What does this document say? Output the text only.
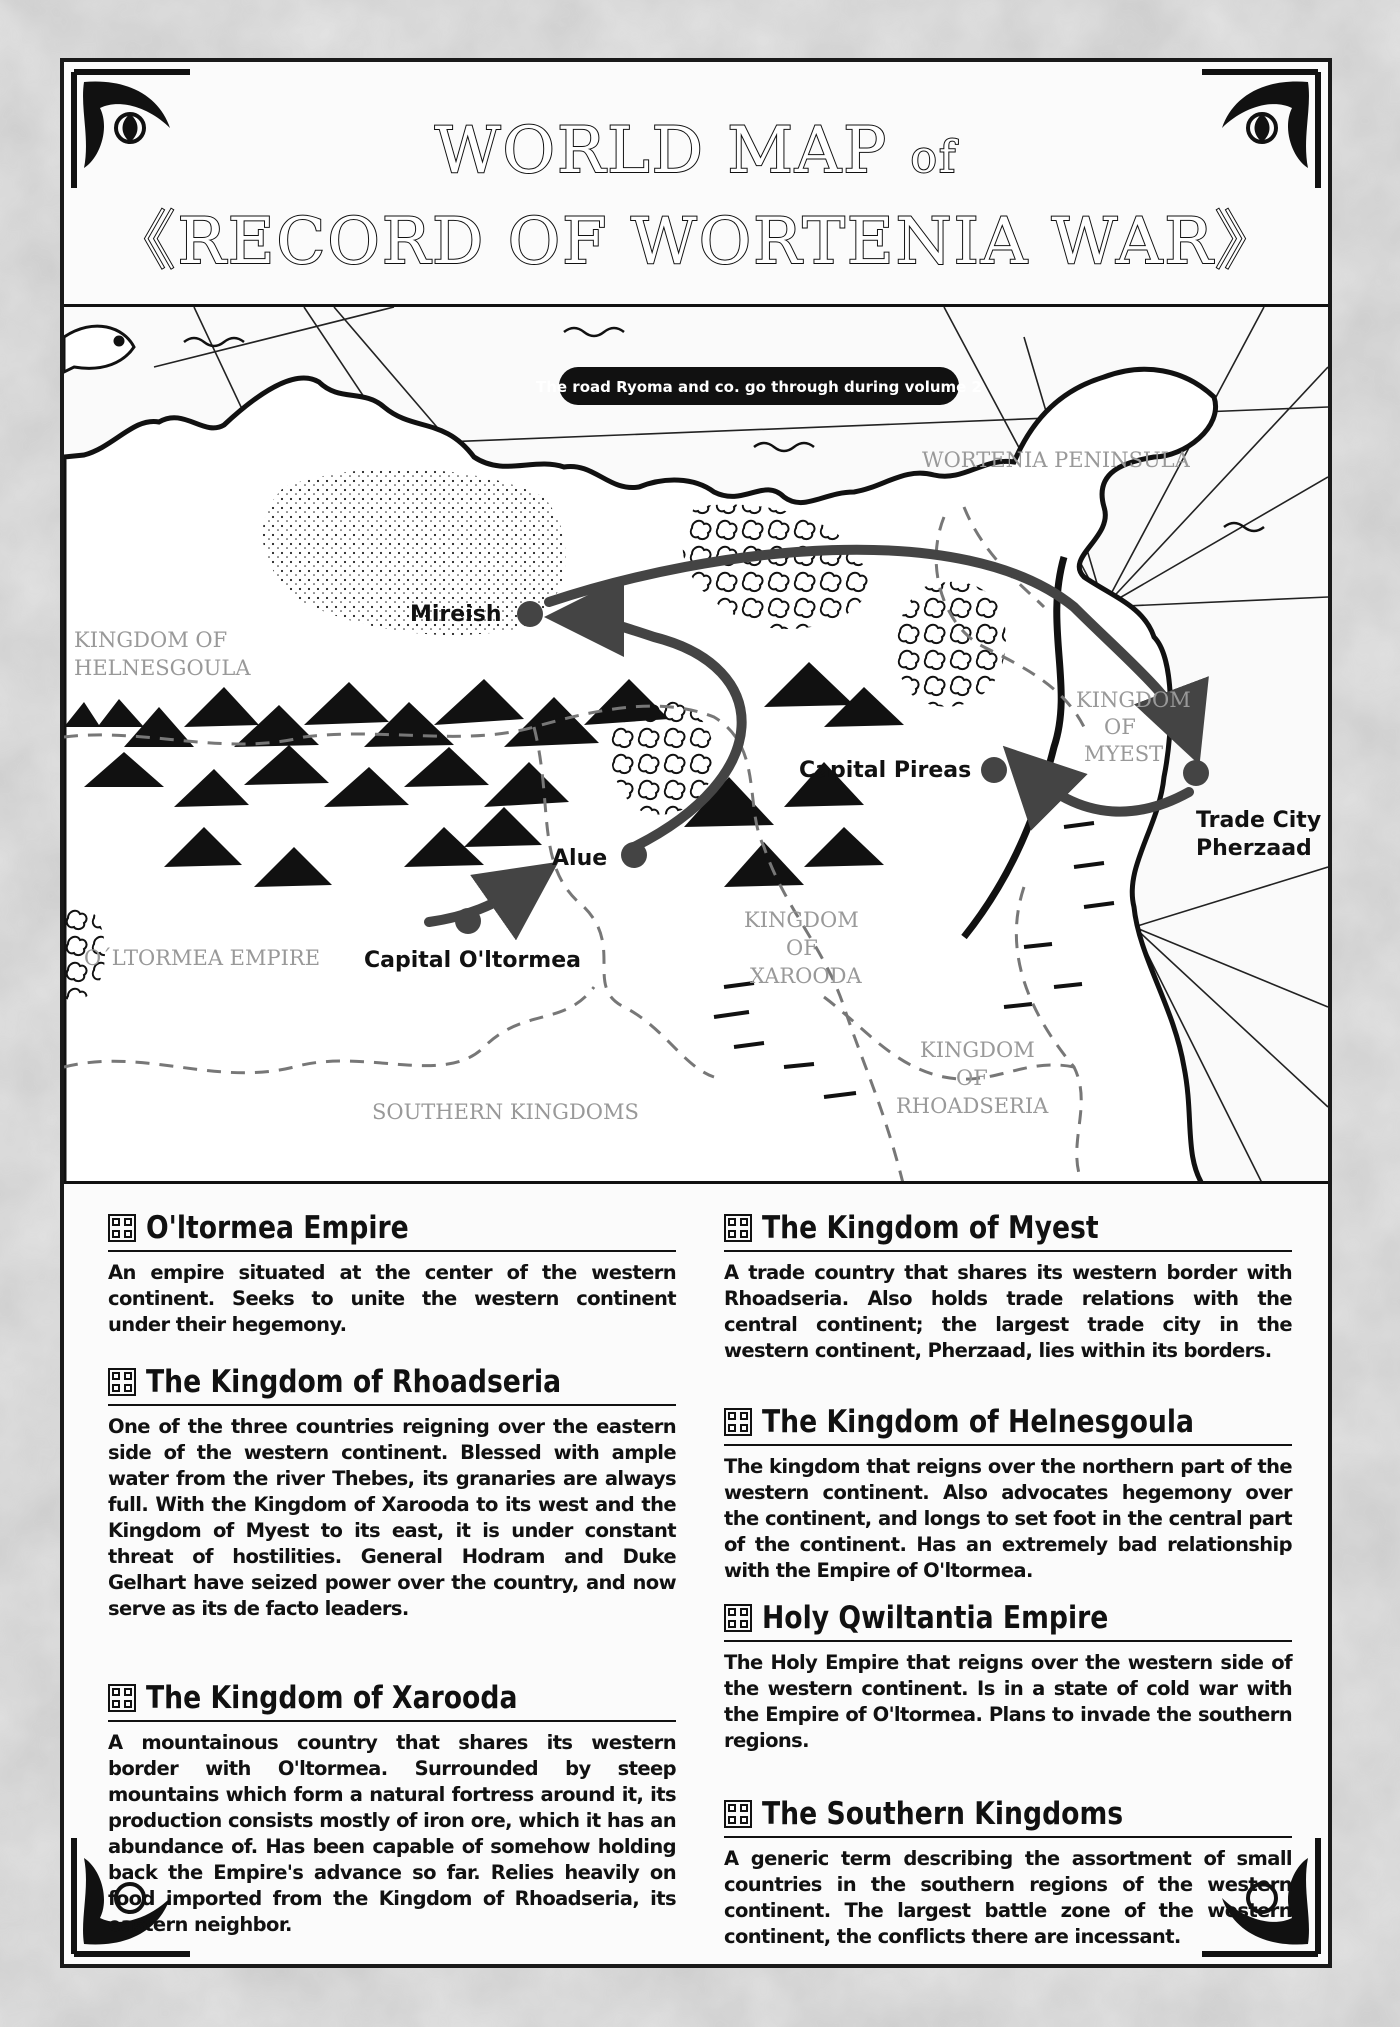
WORLD MAP of
《RECORD OF WORTENIA WAR》
The road Ryoma and co. go through during volume 2
WORTENIA PENINSULA
KINGDOM OF
HELNESGOULA
KINGDOM
OF
MYEST
KINGDOM
OF
XAROODA
O´LTORMEA EMPIRE
KINGDOM
OF
RHOADSERIA
SOUTHERN KINGDOMS
Mireish
Alue
Capital O'ltormea
Capital Pireas
Trade City
Pherzaad
O'ltormea Empire
An empire situated at the center of the western continent. Seeks to unite the western continent under their hegemony.
The Kingdom of Rhoadseria
One of the three countries reigning over the eastern side of the western continent. Blessed with ample water from the river Thebes, its granaries are always full. With the Kingdom of Xarooda to its west and the Kingdom of Myest to its east, it is under constant threat of hostilities. General Hodram and Duke Gelhart have seized power over the country, and now serve as its de facto leaders.
The Kingdom of Xarooda
A mountainous country that shares its western border with O'ltormea. Surrounded by steep mountains which form a natural fortress around it, its production consists mostly of iron ore, which it has an abundance of. Has been capable of somehow holding back the Empire's advance so far. Relies heavily on food imported from the Kingdom of Rhoadseria, its eastern neighbor.
The Kingdom of Myest
A trade country that shares its western border with Rhoadseria. Also holds trade relations with the central continent; the largest trade city in the western continent, Pherzaad, lies within its borders.
The Kingdom of Helnesgoula
The kingdom that reigns over the northern part of the western continent. Also advocates hegemony over the continent, and longs to set foot in the central part of the continent. Has an extremely bad relationship with the Empire of O'ltormea.
Holy Qwiltantia Empire
The Holy Empire that reigns over the western side of the western continent. Is in a state of cold war with the Empire of O'ltormea. Plans to invade the southern regions.
The Southern Kingdoms
A generic term describing the assortment of small countries in the southern regions of the western continent. The largest battle zone of the western continent, the conflicts there are incessant.
